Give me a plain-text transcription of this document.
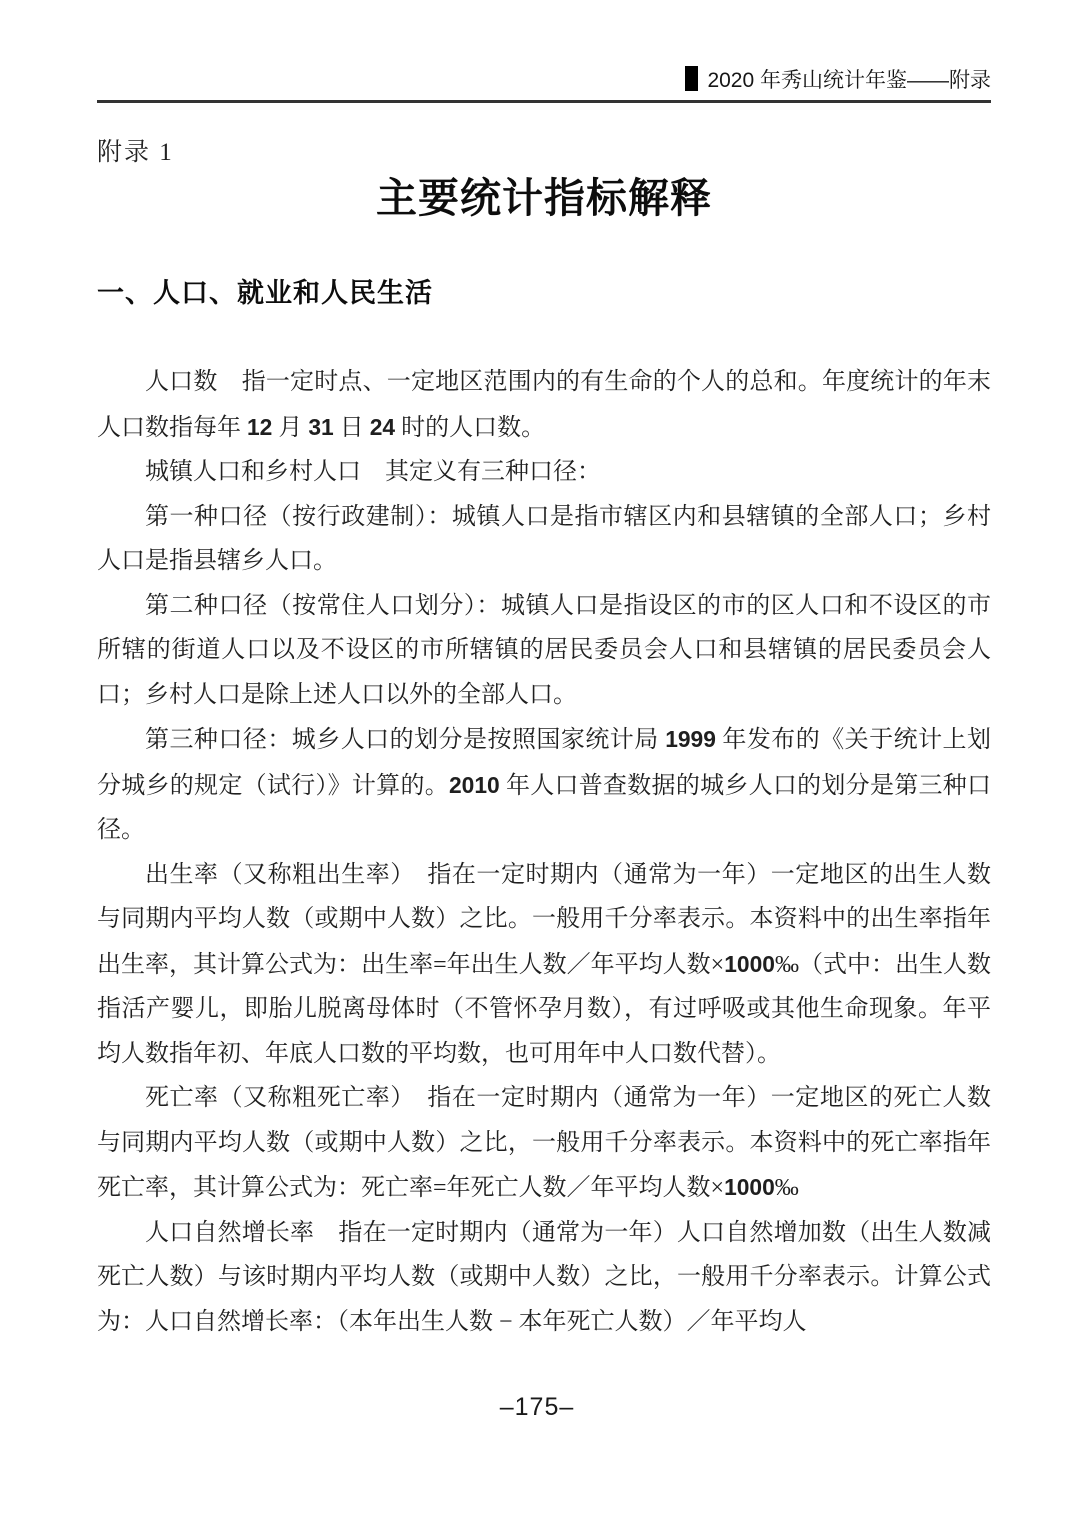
2020 年秀山统计年鉴——附录
附录 1
主要统计指标解释
一、人口、就业和人民生活

人口数　指一定时点、一定地区范围内的有生命的个人的总和。年度统计的年末人口数指每年 12 月 31 日 24 时的人口数。

城镇人口和乡村人口　其定义有三种口径：

第一种口径（按行政建制）：城镇人口是指市辖区内和县辖镇的全部人口；乡村人口是指县辖乡人口。

第二种口径（按常住人口划分）：城镇人口是指设区的市的区人口和不设区的市所辖的街道人口以及不设区的市所辖镇的居民委员会人口和县辖镇的居民委员会人口；乡村人口是除上述人口以外的全部人口。

第三种口径：城乡人口的划分是按照国家统计局 1999 年发布的《关于统计上划分城乡的规定（试行）》计算的。2010 年人口普查数据的城乡人口的划分是第三种口径。

出生率（又称粗出生率）　指在一定时期内（通常为一年）一定地区的出生人数与同期内平均人数（或期中人数）之比。一般用千分率表示。本资料中的出生率指年出生率，其计算公式为：出生率=年出生人数／年平均人数×1000‰（式中：出生人数指活产婴儿，即胎儿脱离母体时（不管怀孕月数），有过呼吸或其他生命现象。年平均人数指年初、年底人口数的平均数，也可用年中人口数代替）。

死亡率（又称粗死亡率）　指在一定时期内（通常为一年）一定地区的死亡人数与同期内平均人数（或期中人数）之比，一般用千分率表示。本资料中的死亡率指年死亡率，其计算公式为：死亡率=年死亡人数／年平均人数×1000‰

人口自然增长率　指在一定时期内（通常为一年）人口自然增加数（出生人数减死亡人数）与该时期内平均人数（或期中人数）之比，一般用千分率表示。计算公式为：人口自然增长率：（本年出生人数 − 本年死亡人数）／年平均人

–175–
